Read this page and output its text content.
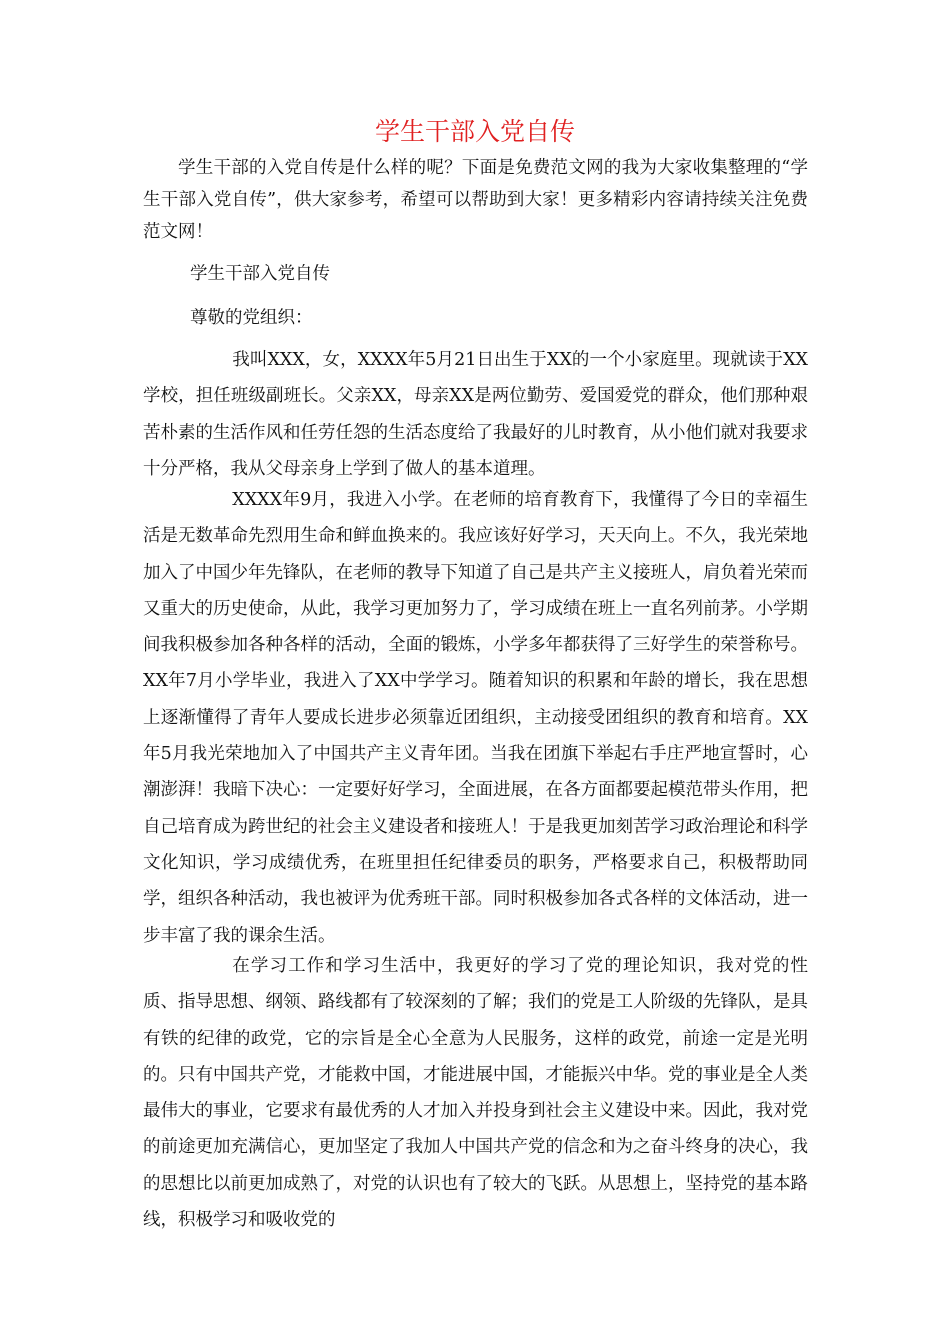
学生干部入党自传

学生干部的入党自传是什么样的呢？下面是免费范文网的我为大家收集整理的“学生干部入党自传”，供大家参考，希望可以帮助到大家！更多精彩内容请持续关注免费范文网！

学生干部入党自传

尊敬的党组织：

我叫XXX，女，XXXX年5月21日出生于XX的一个小家庭里。现就读于XX学校，担任班级副班长。父亲XX，母亲XX是两位勤劳、爱国爱党的群众，他们那种艰苦朴素的生活作风和任劳任怨的生活态度给了我最好的儿时教育，从小他们就对我要求十分严格，我从父母亲身上学到了做人的基本道理。

XXXX年9月，我进入小学。在老师的培育教育下，我懂得了今日的幸福生活是无数革命先烈用生命和鲜血换来的。我应该好好学习，天天向上。不久，我光荣地加入了中国少年先锋队，在老师的教导下知道了自己是共产主义接班人，肩负着光荣而又重大的历史使命，从此，我学习更加努力了，学习成绩在班上一直名列前茅。小学期间我积极参加各种各样的活动，全面的锻炼，小学多年都获得了三好学生的荣誉称号。XX年7月小学毕业，我进入了XX中学学习。随着知识的积累和年龄的增长，我在思想上逐渐懂得了青年人要成长进步必须靠近团组织，主动接受团组织的教育和培育。XX年5月我光荣地加入了中国共产主义青年团。当我在团旗下举起右手庄严地宣誓时，心潮澎湃！我暗下决心：一定要好好学习，全面进展，在各方面都要起模范带头作用，把自己培育成为跨世纪的社会主义建设者和接班人！于是我更加刻苦学习政治理论和科学文化知识，学习成绩优秀，在班里担任纪律委员的职务，严格要求自己，积极帮助同学，组织各种活动，我也被评为优秀班干部。同时积极参加各式各样的文体活动，进一步丰富了我的课余生活。

在学习工作和学习生活中，我更好的学习了党的理论知识，我对党的性质、指导思想、纲领、路线都有了较深刻的了解；我们的党是工人阶级的先锋队，是具有铁的纪律的政党，它的宗旨是全心全意为人民服务，这样的政党，前途一定是光明的。只有中国共产党，才能救中国，才能进展中国，才能振兴中华。党的事业是全人类最伟大的事业，它要求有最优秀的人才加入并投身到社会主义建设中来。因此，我对党的前途更加充满信心，更加坚定了我加人中国共产党的信念和为之奋斗终身的决心，我的思想比以前更加成熟了，对党的认识也有了较大的飞跃。从思想上，坚持党的基本路线，积极学习和吸收党的
